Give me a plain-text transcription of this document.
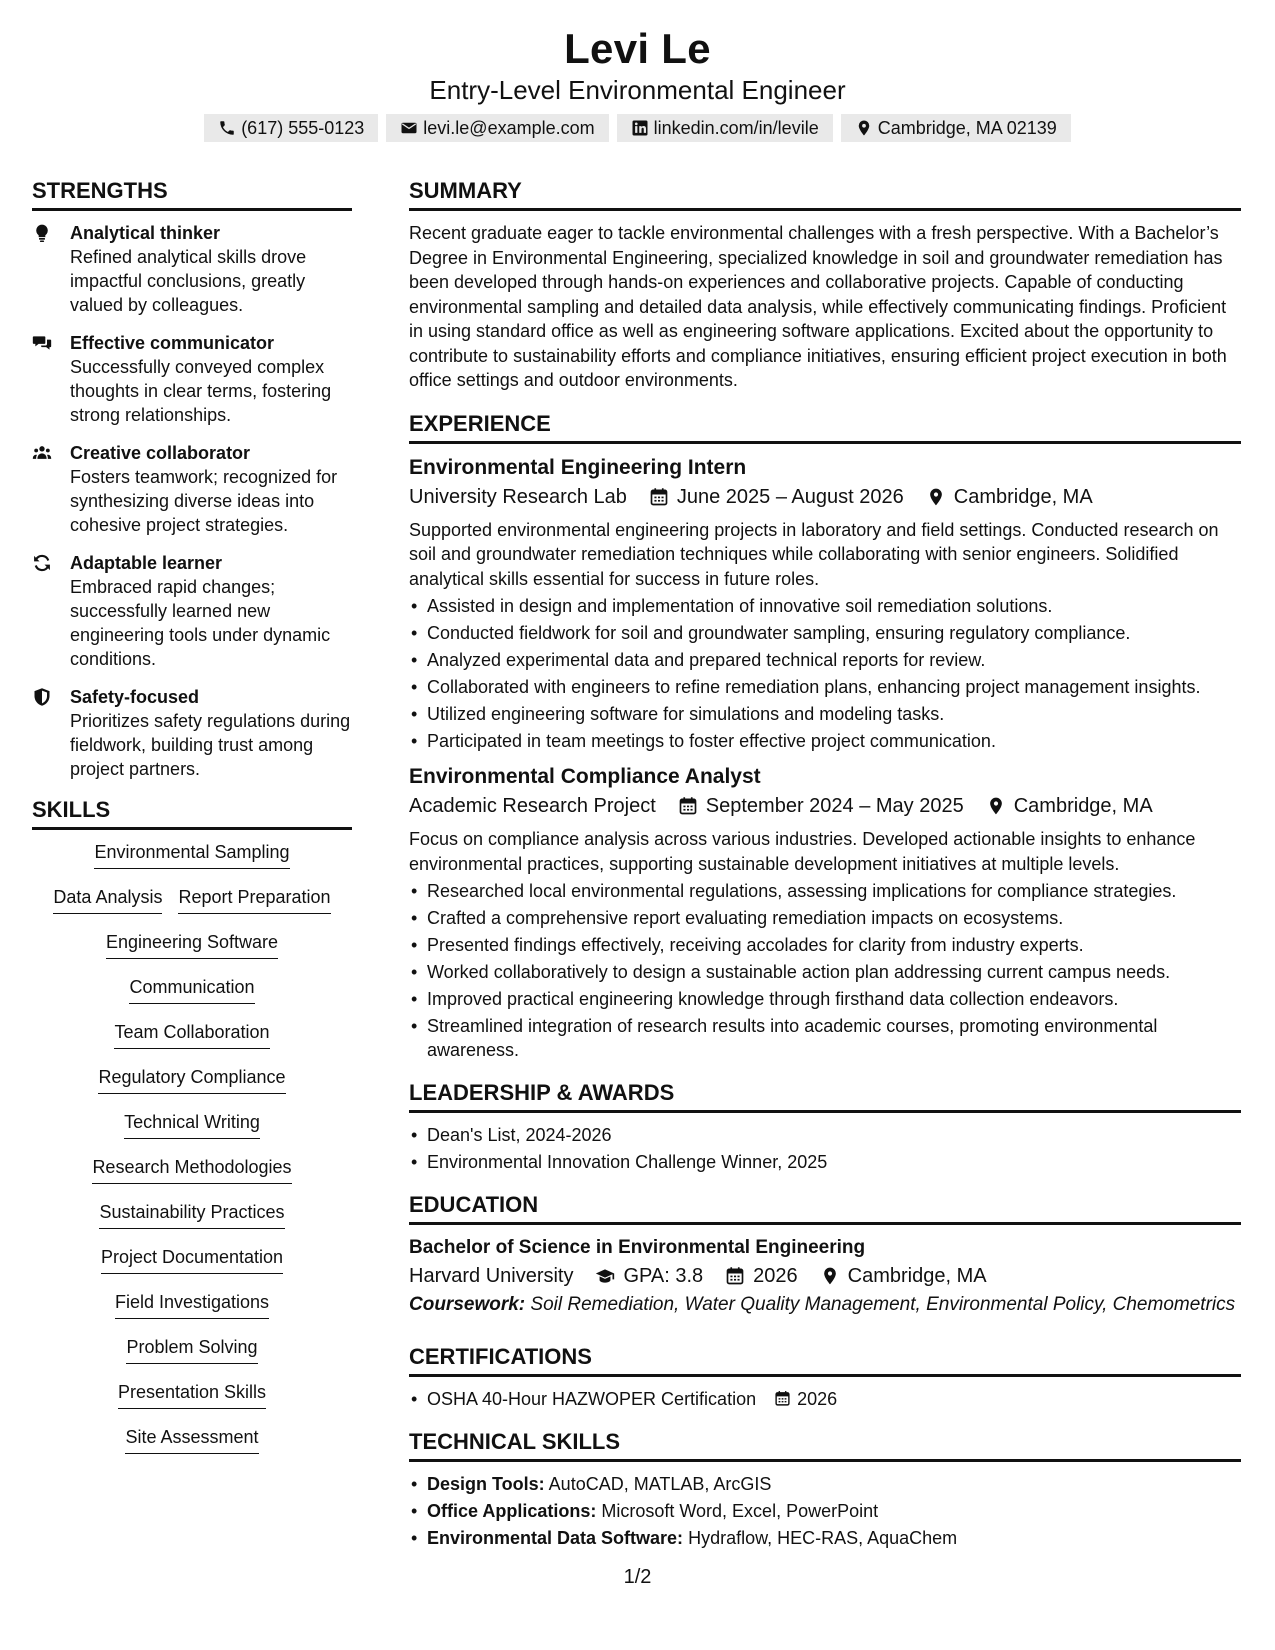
Levi Le
Entry-Level Environmental Engineer
(617) 555-0123	levi.le@example.com	linkedin.com/in/levile	Cambridge, MA 02139
STRENGTHS
Analytical thinker
Refined analytical skills drove impactful conclusions, greatly valued by colleagues.
Effective communicator
Successfully conveyed complex thoughts in clear terms, fostering strong relationships.
Creative collaborator
Fosters teamwork; recognized for synthesizing diverse ideas into cohesive project strategies.
Adaptable learner
Embraced rapid changes; successfully learned new engineering tools under dynamic conditions.
Safety-focused
Prioritizes safety regulations during fieldwork, building trust among project partners.
SKILLS
Environmental Sampling
Data Analysis Report Preparation
Engineering Software
Communication
Team Collaboration
Regulatory Compliance
Technical Writing
Research Methodologies
Sustainability Practices
Project Documentation
Field Investigations
Problem Solving
Presentation Skills
Site Assessment
SUMMARY
Recent graduate eager to tackle environmental challenges with a fresh perspective. With a Bachelor’s Degree in Environmental Engineering, specialized knowledge in soil and groundwater remediation has been developed through hands-on experiences and collaborative projects. Capable of conducting environmental sampling and detailed data analysis, while effectively communicating findings. Proficient in using standard office as well as engineering software applications. Excited about the opportunity to contribute to sustainability efforts and compliance initiatives, ensuring efficient project execution in both office settings and outdoor environments.
EXPERIENCE
Environmental Engineering Intern
University Research Lab	June 2025 – August 2026	Cambridge, MA
Supported environmental engineering projects in laboratory and field settings. Conducted research on soil and groundwater remediation techniques while collaborating with senior engineers. Solidified analytical skills essential for success in future roles.
• Assisted in design and implementation of innovative soil remediation solutions.
• Conducted fieldwork for soil and groundwater sampling, ensuring regulatory compliance.
• Analyzed experimental data and prepared technical reports for review.
• Collaborated with engineers to refine remediation plans, enhancing project management insights.
• Utilized engineering software for simulations and modeling tasks.
• Participated in team meetings to foster effective project communication.
Environmental Compliance Analyst
Academic Research Project	September 2024 – May 2025	Cambridge, MA
Focus on compliance analysis across various industries. Developed actionable insights to enhance environmental practices, supporting sustainable development initiatives at multiple levels.
• Researched local environmental regulations, assessing implications for compliance strategies.
• Crafted a comprehensive report evaluating remediation impacts on ecosystems.
• Presented findings effectively, receiving accolades for clarity from industry experts.
• Worked collaboratively to design a sustainable action plan addressing current campus needs.
• Improved practical engineering knowledge through firsthand data collection endeavors.
• Streamlined integration of research results into academic courses, promoting environmental awareness.
LEADERSHIP & AWARDS
• Dean's List, 2024-2026
• Environmental Innovation Challenge Winner, 2025
EDUCATION
Bachelor of Science in Environmental Engineering
Harvard University	GPA: 3.8	2026	Cambridge, MA
Coursework: Soil Remediation, Water Quality Management, Environmental Policy, Chemometrics
CERTIFICATIONS
• OSHA 40-Hour HAZWOPER Certification 2026
TECHNICAL SKILLS
• Design Tools: AutoCAD, MATLAB, ArcGIS
• Office Applications: Microsoft Word, Excel, PowerPoint
• Environmental Data Software: Hydraflow, HEC-RAS, AquaChem
1/2
